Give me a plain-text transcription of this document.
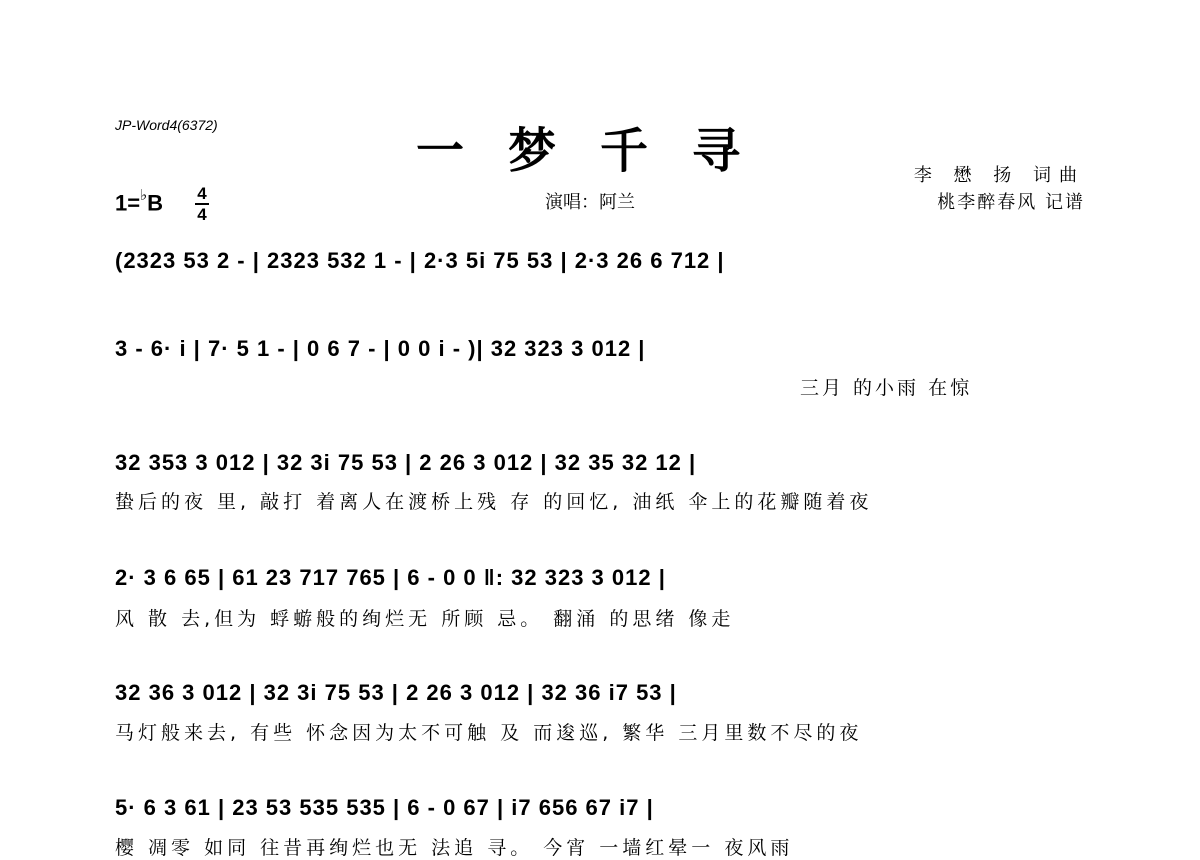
JP-Word4(6372)	一梦千寻	李 懋 扬 词曲
桃李醉春风 记谱
演唱：阿兰
1=♭B 4
4
(2323 53 2 - | 2323 532 1 - | 2·3 5i 75 53 | 2·3 26 6 712 |
3 - 6· i | 7· 5 1 - | 0 6 7 - | 0 0 i - )| 32 323 3 012 |
三月 的小雨 在惊
32 353 3 012 | 32 3i 75 53 | 2 26 3 012 | 32 35 32 12 |
蛰后的夜 里, 敲打 着离人在渡桥上残 存 的回忆, 油纸 伞上的花瓣随着夜
2· 3 6 65 | 61 23 717 765 | 6 - 0 0 ‖: 32 323 3 012 |
风 散 去,但为 蜉蝣般的绚烂无 所顾 忌。 翻涌 的思绪 像走
32 36 3 012 | 32 3i 75 53 | 2 26 3 012 | 32 36 i7 53 |
马灯般来去, 有些 怀念因为太不可触 及 而逡巡, 繁华 三月里数不尽的夜
5· 6 3 61 | 23 53 535 535 | 6 - 0 67 | i7 656 67 i7 |
樱 凋零 如同 往昔再绚烂也无 法追 寻。 今宵 一墙红晕一 夜风雨
